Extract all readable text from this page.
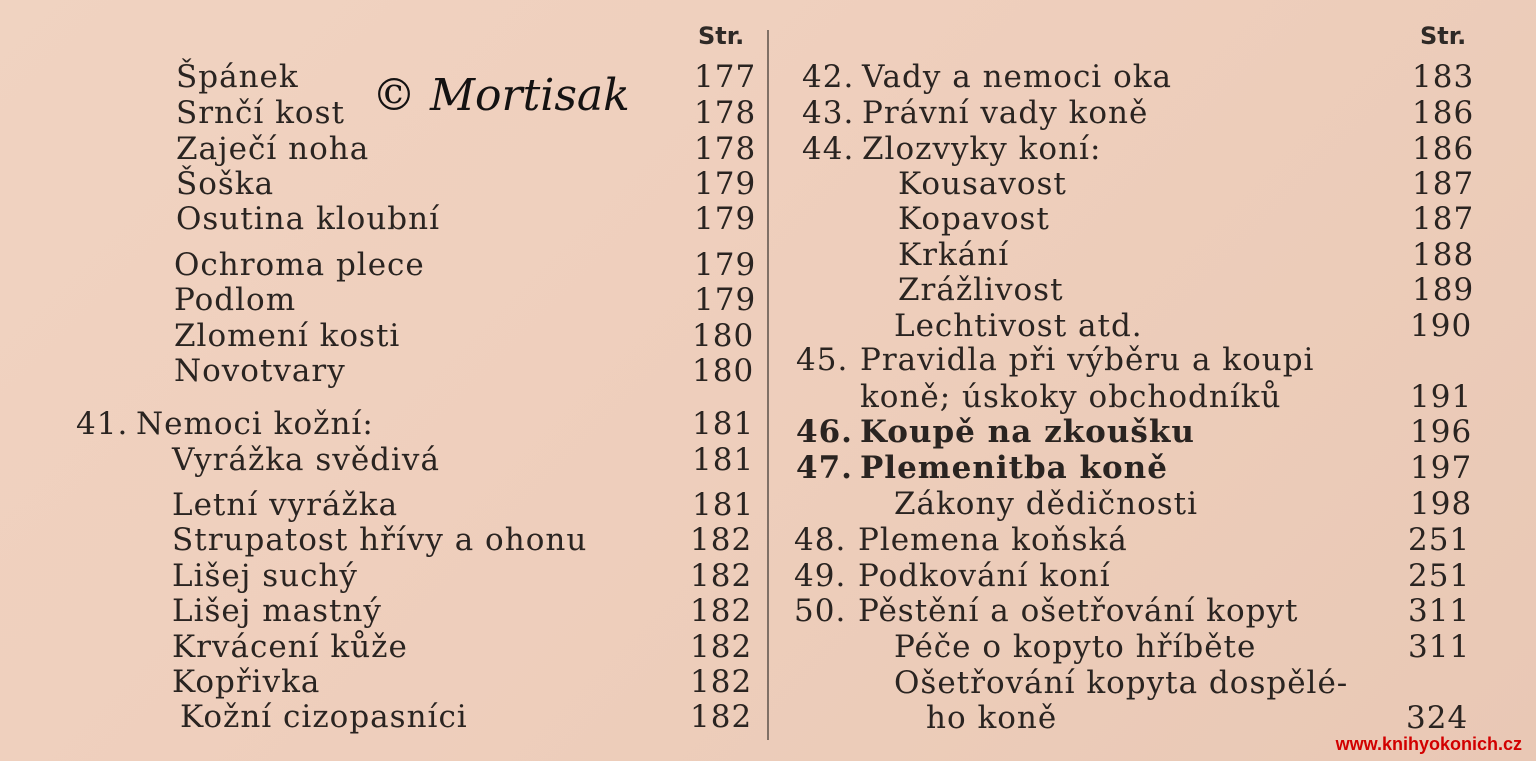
Str.	Str.
Špánek	177
Srnčí kost	178
Zaječí noha	178
Šoška	179
Osutina kloubní	179
Ochroma plece	179
Podlom	179
Zlomení kosti	180
Novotvary	180
41. Nemoci kožní:	181
Vyrážka svědivá	181
Letní vyrážka	181
Strupatost hřívy a ohonu	182
Lišej suchý	182
Lišej mastný	182
Krvácení kůže	182
Kopřivka	182
Kožní cizopasníci	182
42. Vady a nemoci oka	183
43. Právní vady koně	186
44. Zlozvyky koní:	186
Kousavost	187
Kopavost	187
Krkání	188
Zrážlivost	189
Lechtivost atd.	190
45. Pravidla při výběru a koupi
koně; úskoky obchodníků	191
46. Koupě na zkoušku	196
47. Plemenitba koně	197
Zákony dědičnosti	198
48. Plemena koňská	251
49. Podkování koní	251
50. Pěstění a ošetřování kopyt	311
Péče o kopyto hříběte	311
Ošetřování kopyta dospělé-
ho koně	324
© Mortisak
www.knihyokonich.cz
